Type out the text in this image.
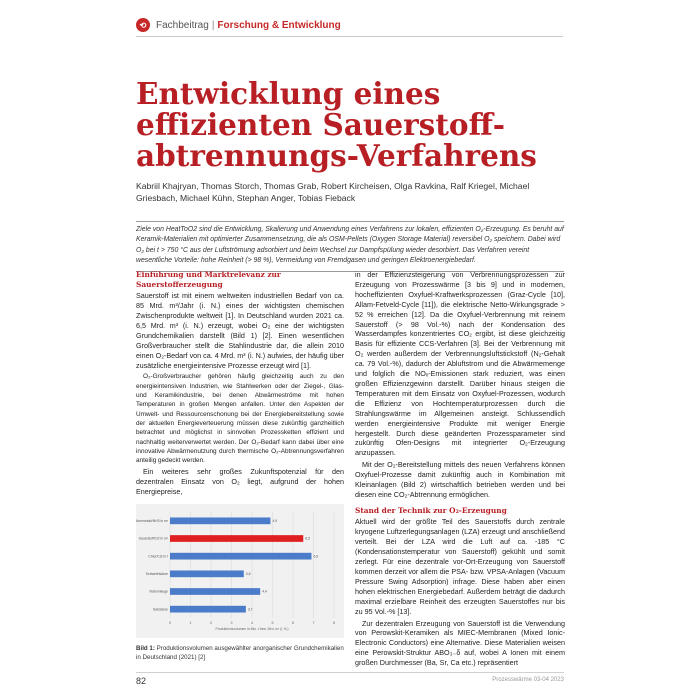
⟲ Fachbeitrag | Forschung & Entwicklung
Entwicklung eines
effizienten Sauerstoff-
abtrennungs-Verfahrens
Kabriil Khajryan, Thomas Storch, Thomas Grab, Robert Kircheisen, Olga Ravkina, Ralf Kriegel, Michael Griesbach, Michael Kühn, Stephan Anger, Tobias Fieback
Ziele von HeatToO2 sind die Entwicklung, Skalierung und Anwendung eines Verfahrens zur lokalen, effizienten O₂-Erzeugung. Es beruht auf Keramik-Materialien mit optimierter Zusammensetzung, die als OSM-Pellets (Oxygen Storage Material) reversibel O₂ speichern. Dabei wird O₂ bei t > 750 °C aus der Luftströmung adsorbiert und beim Wechsel zur Dampfspülung wieder desorbiert. Das Verfahren vereint wesentliche Vorteile: hohe Reinheit (> 98 %), Vermeidung von Fremdgasen und geringen Elektroenergiebedarf.
Einführung und Marktrelevanz zur Sauerstofferzeugung

Sauerstoff ist mit einem weltweiten industriellen Bedarf von ca. 85 Mrd. m³/Jahr (i. N.) eines der wichtigsten chemischen Zwischenprodukte weltweit [1]. In Deutschland wurden 2021 ca. 6,5 Mrd. m³ (i. N.) erzeugt, wobei O₂ eine der wichtigsten Grundchemikalien darstellt (Bild 1) [2]. Einen wesentlichen Großverbraucher stellt die Stahlindustrie dar, die allein 2010 einen O₂-Bedarf von ca. 4 Mrd. m³ (i. N.) aufwies, der häufig über zusätzliche energieintensive Prozesse erzeugt wird [1].

O₂-Großverbraucher gehören häufig gleichzeitig auch zu den energieintensiven Industrien, wie Stahlwerken oder der Ziegel-, Glas- und Keramikindustrie, bei denen Abwärmeströme mit hohen Temperaturen in großen Mengen anfallen. Unter den Aspekten der Umwelt- und Ressourcenschonung bei der Energiebereitstellung sowie der aktuellen Energieverteuerung müssen diese zukünftig ganzheitlich betrachtet und möglichst in sinnvollen Prozessketten effizient und nachhaltig weiterverwertet werden. Der O₂-Bedarf kann dabei über eine innovative Abwärmenutzung durch thermische O₂-Abtrennungsverfahren anteilig gedeckt werden.

Ein weiteres sehr großes Zukunftspotenzial für den dezentralen Einsatz von O₂ liegt, aufgrund der hohen Energiepreise,

0	1	2	3	4	5	6	7	8
Ammoniak/NH3 in m³	4,9
Sauerstoff/O2 in m³	6,5
Chlor/Cl2 in t	6,9
Schwefelsäure	3,6
Natronlauge	4,4
Salzsäure	3,7
Produktionsvolumen in Mio. t bzw. Mrd. m³ (i. N.)
Bild 1: Produktionsvolumen ausgewählter anorganischer Grundchemikalien in Deutschland (2021) [2]

in der Effizienzsteigerung von Verbrennungsprozessen zur Erzeugung von Prozesswärme [3 bis 9] und in modernen, hocheffizienten Oxyfuel-Kraftwerksprozessen (Graz-Cycle [10], Allam-Fetveld-Cycle [11]), die elektrische Netto-Wirkungsgrade > 52 % erreichen [12]. Da die Oxyfuel-Verbrennung mit reinem Sauerstoff (> 98 Vol.-%) nach der Kondensation des Wasserdampfes konzentriertes CO₂ ergibt, ist diese gleichzeitig Basis für effiziente CCS-Verfahren [3]. Bei der Verbrennung mit O₂ werden außerdem der Verbrennungsluftstickstoff (N₂-Gehalt ca. 79 Vol.-%), dadurch der Abluftstrom und die Abwärmemenge und folglich die NOₓ-Emissionen stark reduziert, was einen großen Effizienzgewinn darstellt. Darüber hinaus steigen die Temperaturen mit dem Einsatz von Oxyfuel-Prozessen, wodurch die Effizienz von Hochtemperaturprozessen durch die Strahlungswärme im Allgemeinen ansteigt. Schlussendlich werden energieintensive Produkte mit weniger Energie hergestellt. Durch diese geänderten Prozessparameter sind zukünftig Ofen-Designs mit integrierter O₂-Erzeugung anzupassen.

Mit der O₂-Bereitstellung mittels des neuen Verfahrens können Oxyfuel-Prozesse damit zukünftig auch in Kombination mit Kleinanlagen (Bild 2) wirtschaftlich betrieben werden und bei diesen eine CO₂-Abtrennung ermöglichen.

Stand der Technik zur O₂-Erzeugung

Aktuell wird der größte Teil des Sauerstoffs durch zentrale kryogene Luftzerlegungsanlagen (LZA) erzeugt und anschließend verteilt. Bei der LZA wird die Luft auf ca. -185 °C (Kondensationstemperatur von Sauerstoff) gekühlt und somit zerlegt. Für eine dezentrale vor-Ort-Erzeugung von Sauerstoff kommen derzeit vor allem die PSA- bzw. VPSA-Anlagen (Vacuum Pressure Swing Adsorption) infrage. Diese haben aber einen hohen elektrischen Energiebedarf. Außerdem beträgt die dadurch maximal erzielbare Reinheit des erzeugten Sauerstoffes nur bis zu 95 Vol.-% [13].

Zur dezentralen Erzeugung von Sauerstoff ist die Verwendung von Perowskit-Keramiken als MIEC-Membranen (Mixed Ionic-Electronic Conductors) eine Alternative. Diese Materialien weisen eine Perowskit-Struktur ABO₃₋δ auf, wobei A Ionen mit einem großen Durchmesser (Ba, Sr, Ca etc.) repräsentiert

82	Prozesswärme 03-04 2023
